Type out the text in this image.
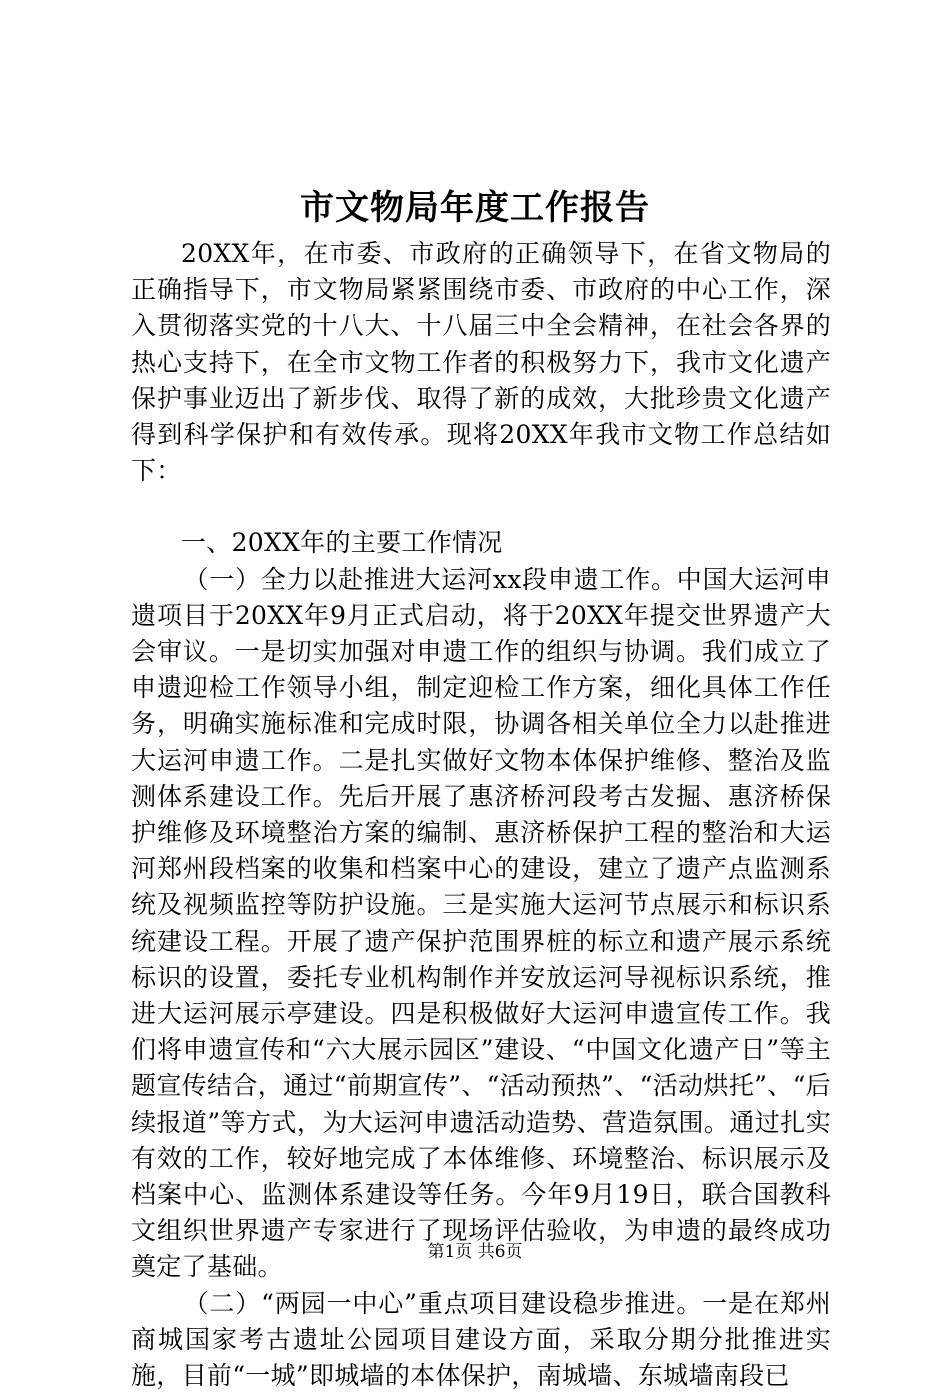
市文物局年度工作报告

20XX年，在市委、市政府的正确领导下，在省文物局的正确指导下，市文物局紧紧围绕市委、市政府的中心工作，深入贯彻落实党的十八大、十八届三中全会精神，在社会各界的热心支持下，在全市文物工作者的积极努力下，我市文化遗产保护事业迈出了新步伐、取得了新的成效，大批珍贵文化遗产得到科学保护和有效传承。现将20XX年我市文物工作总结如下：

一、20XX年的主要工作情况

（一）全力以赴推进大运河xx段申遗工作。中国大运河申遗项目于20XX年9月正式启动，将于20XX年提交世界遗产大会审议。一是切实加强对申遗工作的组织与协调。我们成立了申遗迎检工作领导小组，制定迎检工作方案，细化具体工作任务，明确实施标准和完成时限，协调各相关单位全力以赴推进大运河申遗工作。二是扎实做好文物本体保护维修、整治及监测体系建设工作。先后开展了惠济桥河段考古发掘、惠济桥保护维修及环境整治方案的编制、惠济桥保护工程的整治和大运河郑州段档案的收集和档案中心的建设，建立了遗产点监测系统及视频监控等防护设施。三是实施大运河节点展示和标识系统建设工程。开展了遗产保护范围界桩的标立和遗产展示系统标识的设置，委托专业机构制作并安放运河导视标识系统，推进大运河展示亭建设。四是积极做好大运河申遗宣传工作。我们将申遗宣传和“六大展示园区”建设、“中国文化遗产日”等主题宣传结合，通过“前期宣传”、“活动预热”、“活动烘托”、“后续报道”等方式，为大运河申遗活动造势、营造氛围。通过扎实有效的工作，较好地完成了本体维修、环境整治、标识展示及档案中心、监测体系建设等任务。今年9月19日，联合国教科文组织世界遗产专家进行了现场评估验收，为申遗的最终成功奠定了基础。

（二）“两园一中心”重点项目建设稳步推进。一是在郑州商城国家考古遗址公园项目建设方面，采取分期分批推进实施，目前“一城”即城墙的本体保护，南城墙、东城墙南段已

第1页 共6页
